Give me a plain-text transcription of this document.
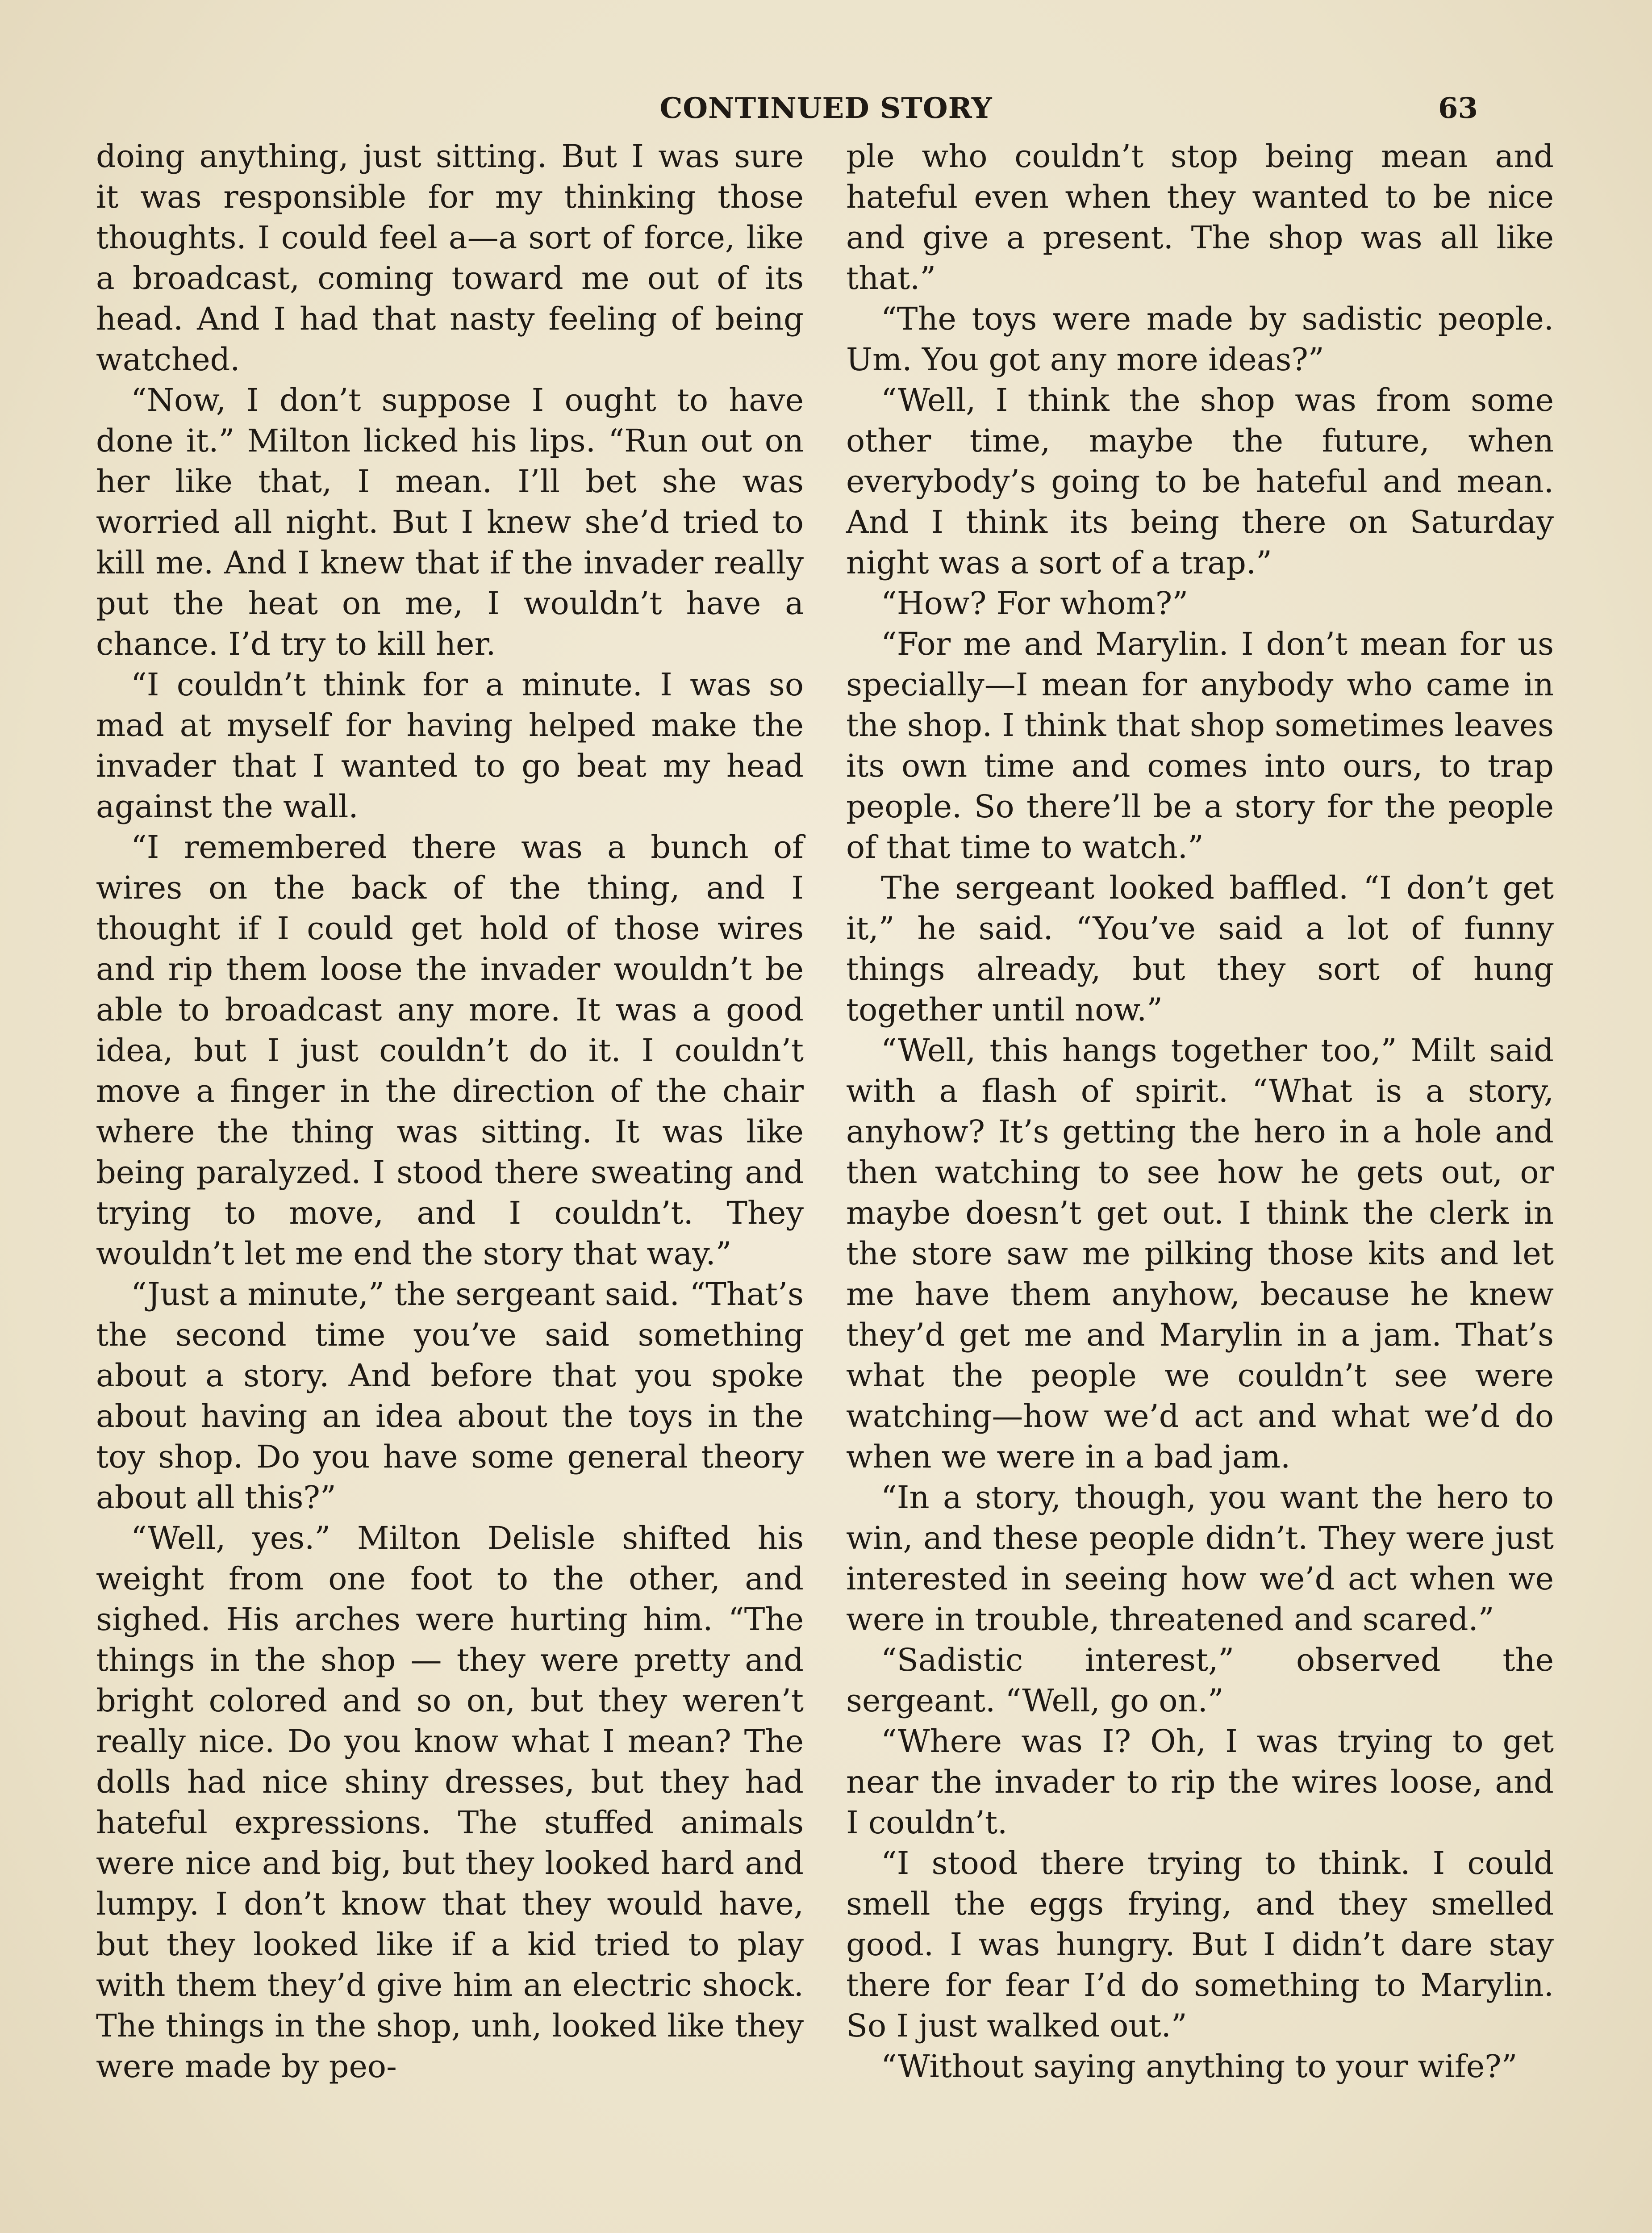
CONTINUED STORY	63

doing anything, just sitting. But I was sure it was responsible for my thinking those thoughts. I could feel a—a sort of force, like a broadcast, coming toward me out of its head. And I had that nasty feeling of being watched.

“Now, I don’t suppose I ought to have done it.” Milton licked his lips. “Run out on her like that, I mean. I’ll bet she was worried all night. But I knew she’d tried to kill me. And I knew that if the invader really put the heat on me, I wouldn’t have a chance. I’d try to kill her.

“I couldn’t think for a minute. I was so mad at myself for having helped make the invader that I wanted to go beat my head against the wall.

“I remembered there was a bunch of wires on the back of the thing, and I thought if I could get hold of those wires and rip them loose the invader wouldn’t be able to broadcast any more. It was a good idea, but I just couldn’t do it. I couldn’t move a finger in the direction of the chair where the thing was sitting. It was like being paralyzed. I stood there sweating and trying to move, and I couldn’t. They wouldn’t let me end the story that way.”

“Just a minute,” the sergeant said. “That’s the second time you’ve said something about a story. And before that you spoke about having an idea about the toys in the toy shop. Do you have some general theory about all this?”

“Well, yes.” Milton Delisle shifted his weight from one foot to the other, and sighed. His arches were hurting him. “The things in the shop — they were pretty and bright colored and so on, but they weren’t really nice. Do you know what I mean? The dolls had nice shiny dresses, but they had hateful expressions. The stuffed animals were nice and big, but they looked hard and lumpy. I don’t know that they would have, but they looked like if a kid tried to play with them they’d give him an electric shock. The things in the shop, unh, looked like they were made by peo-

ple who couldn’t stop being mean and hateful even when they wanted to be nice and give a present. The shop was all like that.”

“The toys were made by sadistic people. Um. You got any more ideas?”

“Well, I think the shop was from some other time, maybe the future, when everybody’s going to be hateful and mean. And I think its being there on Saturday night was a sort of a trap.”

“How? For whom?”

“For me and Marylin. I don’t mean for us specially—I mean for anybody who came in the shop. I think that shop sometimes leaves its own time and comes into ours, to trap people. So there’ll be a story for the people of that time to watch.”

The sergeant looked baffled. “I don’t get it,” he said. “You’ve said a lot of funny things already, but they sort of hung together until now.”

“Well, this hangs together too,” Milt said with a flash of spirit. “What is a story, anyhow? It’s getting the hero in a hole and then watching to see how he gets out, or maybe doesn’t get out. I think the clerk in the store saw me pilking those kits and let me have them anyhow, because he knew they’d get me and Marylin in a jam. That’s what the people we couldn’t see were watching—how we’d act and what we’d do when we were in a bad jam.

“In a story, though, you want the hero to win, and these people didn’t. They were just interested in seeing how we’d act when we were in trouble, threatened and scared.”

“Sadistic interest,” observed the sergeant. “Well, go on.”

“Where was I? Oh, I was trying to get near the invader to rip the wires loose, and I couldn’t.

“I stood there trying to think. I could smell the eggs frying, and they smelled good. I was hungry. But I didn’t dare stay there for fear I’d do something to Marylin. So I just walked out.”

“Without saying anything to your wife?”
